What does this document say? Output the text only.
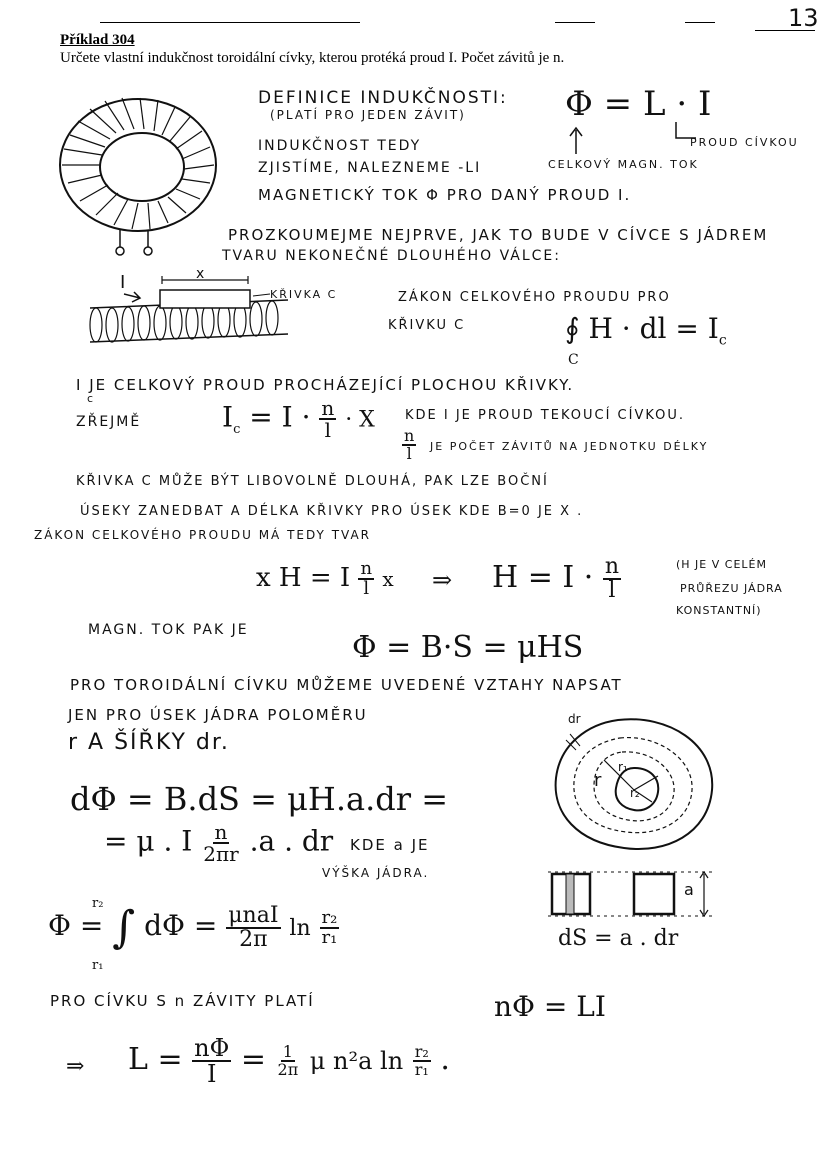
13
Příklad 304
Určete vlastní indukčnost toroidální cívky, kterou protéká proud I. Počet závitů je n.
DEFINICE INDUKČNOSTI:
(PLATÍ PRO JEDEN ZÁVIT)	Φ = L · I
PROUD CÍVKOU
CELKOVÝ MAGN. TOK
INDUKČNOST TEDY
ZJISTÍME, NALEZNEME -LI
MAGNETICKÝ TOK Φ PRO DANÝ PROUD I.
PROZKOUMEJME NEJPRVE, JAK TO BUDE V CÍVCE S JÁDREM
TVARU NEKONEČNÉ DLOUHÉHO VÁLCE:
I	x
KŘIVKA C	ZÁKON CELKOVÉHO PROUDU PRO
KŘIVKU C	∮ H · dl = $I_c$
C
I JE CELKOVÝ PROUD PROCHÁZEJÍCÍ PLOCHOU KŘIVKY.
c
ZŘEJMĚ	$I_c = I \cdot \frac{n}{l} \cdot X$ KDE I JE PROUD TEKOUCÍ CÍVKOU.
$\frac{n}{l}$ JE POČET ZÁVITŮ NA JEDNOTKU DÉLKY
KŘIVKA C MŮŽE BÝT LIBOVOLNĚ DLOUHÁ, PAK LZE BOČNÍ
ÚSEKY ZANEDBAT A DÉLKA KŘIVKY PRO ÚSEK KDE B=0 JE X .
ZÁKON CELKOVÉHO PROUDU MÁ TEDY TVAR
x H = I $\frac{n}{l}$ x ⇒ $H = I \cdot \frac{n}{l}$	(H JE V CELÉM
PRŮŘEZU JÁDRA
KONSTANTNÍ)
MAGN. TOK PAK JE	Φ = B·S = μHS
PRO TOROIDÁLNÍ CÍVKU MŮŽEME UVEDENÉ VZTAHY NAPSAT
JEN PRO ÚSEK JÁDRA POLOMĚRU
r A ŠÍŘKY dr.
dr
r
r₁
r₂
a
dS = a . dr
dΦ = B.dS = μH.a.dr =
= μ . I $\frac{n}{2\pi r} .a$ . dr KDE a JE
VÝŠKA JÁDRA.
Φ = ∫ $d\Phi = \frac{\text{μnaI}}{2\pi}$ $\ln \frac{\text{r₂}}{\text{r₁}}$
r₂
r₁
PRO CÍVKU S n ZÁVITY PLATÍ	nΦ = LI
⇒ $L = \frac{n\Phi}{I} = \frac{1}{2\pi}$ μ n²a $\ln \frac{\text{r₂}}{\text{r₁}}$ .
